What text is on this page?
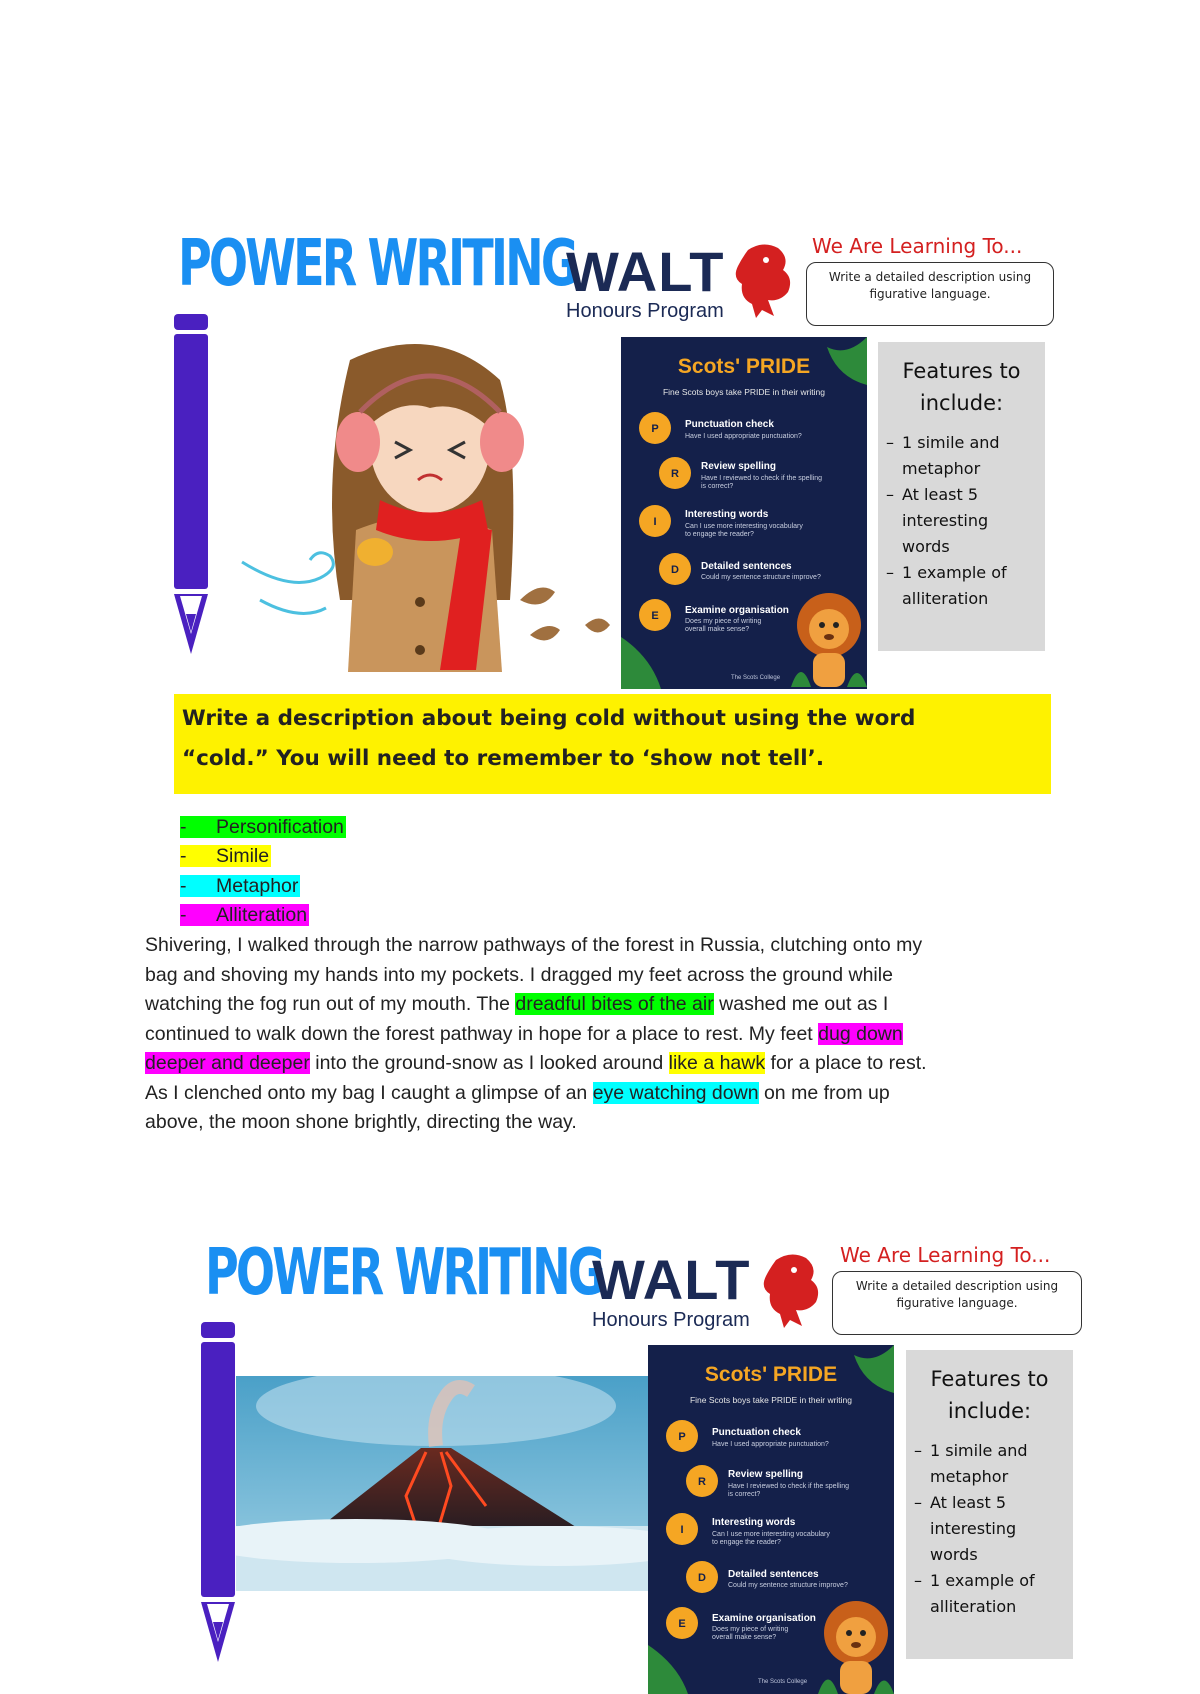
POWER WRITING
WALT
Honours Program
We Are Learning To...
Write a detailed description using figurative language.
Scots' PRIDE
Fine Scots boys take PRIDE in their writing
P	Punctuation check
Have I used appropriate punctuation?
R
Review spelling
Have I reviewed to check if the spelling is correct?
I
Interesting words
Can I use more interesting vocabulary to engage the reader?
D	Detailed sentences
Could my sentence structure improve?
E	Examine organisation
Does my piece of writing overall make sense?
The Scots College
Features to
include:
– 1 simile and metaphor
– At least 5 interesting words
– 1 example of alliteration
Write a description about being cold without using the word
“cold.” You will need to remember to ‘show not tell’.
- Personification
- Simile
- Metaphor
- Alliteration
Shivering, I walked through the narrow pathways of the forest in Russia, clutching onto my
bag and shoving my hands into my pockets. I dragged my feet across the ground while
watching the fog run out of my mouth. The dreadful bites of the air washed me out as I
continued to walk down the forest pathway in hope for a place to rest. My feet dug down
deeper and deeper into the ground-snow as I looked around like a hawk for a place to rest.
As I clenched onto my bag I caught a glimpse of an eye watching down on me from up
above, the moon shone brightly, directing the way.
POWER WRITING
WALT
Honours Program
We Are Learning To...
Write a detailed description using figurative language.
Scots' PRIDE
Fine Scots boys take PRIDE in their writing
P	Punctuation check
Have I used appropriate punctuation?
R
Review spelling
Have I reviewed to check if the spelling is correct?
I
Interesting words
Can I use more interesting vocabulary to engage the reader?
D	Detailed sentences
Could my sentence structure improve?
E	Examine organisation
Does my piece of writing overall make sense?
The Scots College
Features to
include:
– 1 simile and metaphor
– At least 5 interesting words
– 1 example of alliteration
